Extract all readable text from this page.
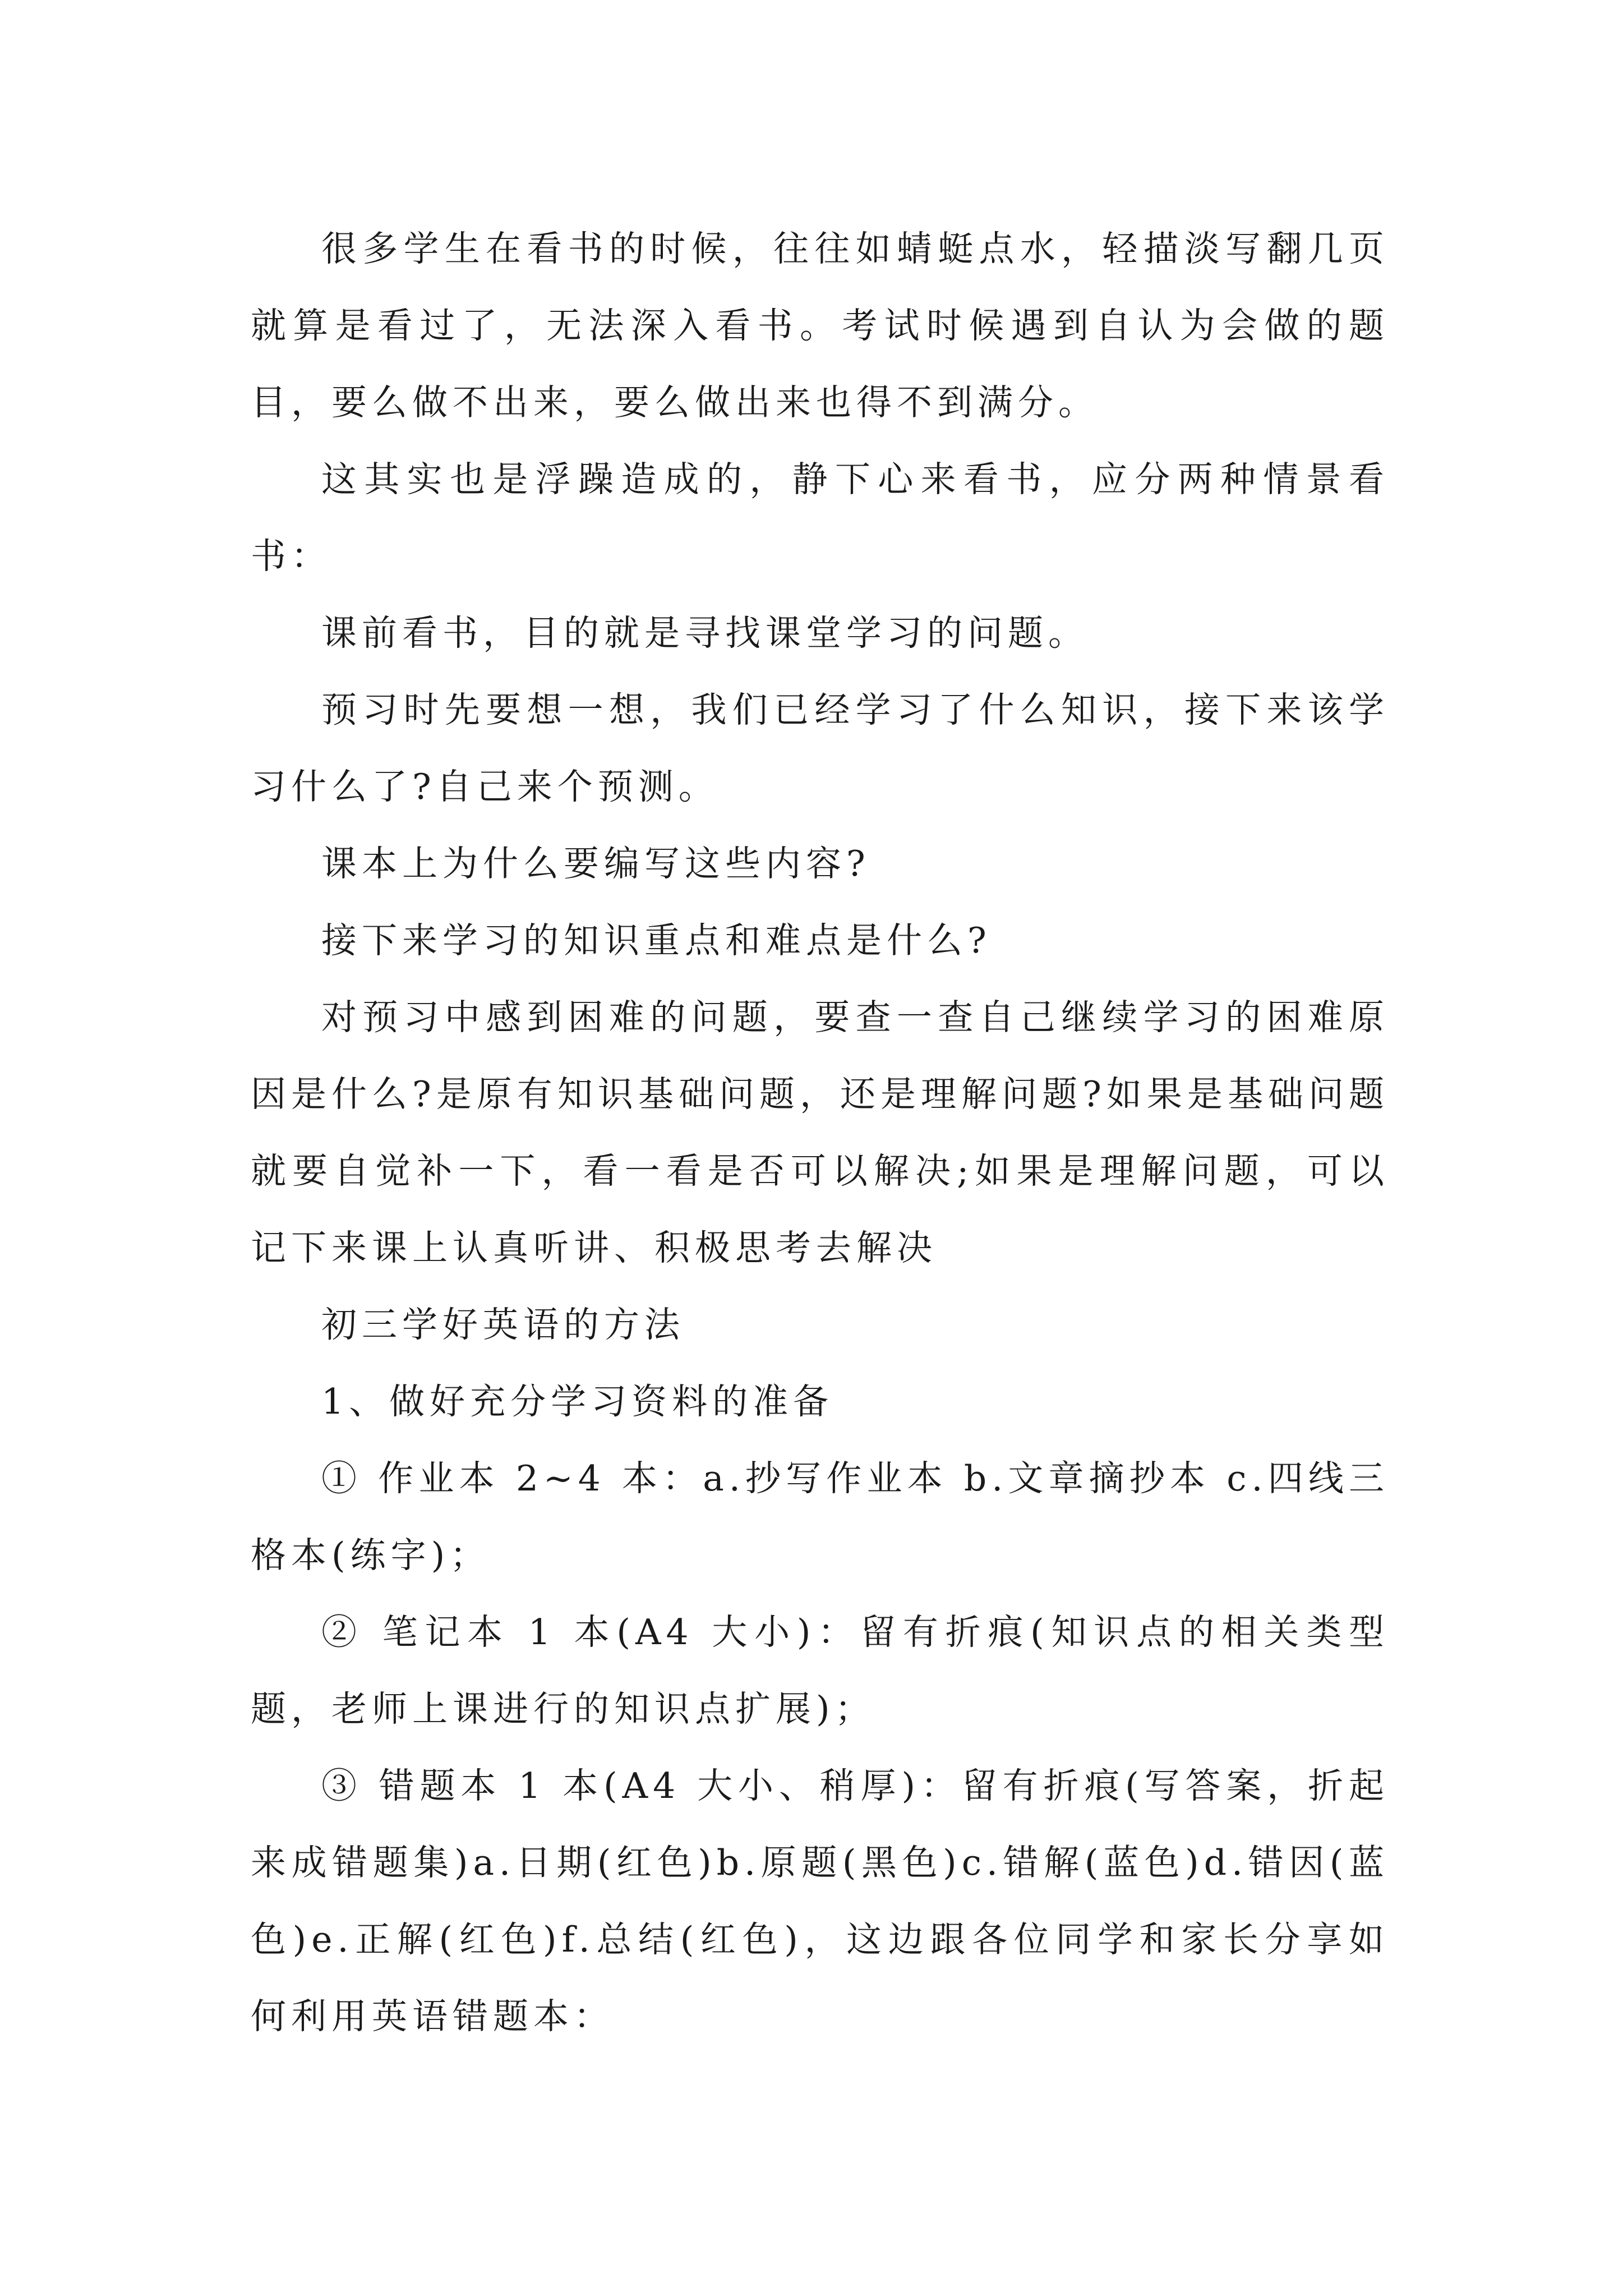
很多学生在看书的时候，往往如蜻蜓点水，轻描淡写翻几页就算是看过了，无法深入看书。考试时候遇到自认为会做的题目，要么做不出来，要么做出来也得不到满分。

这其实也是浮躁造成的，静下心来看书，应分两种情景看书：

课前看书，目的就是寻找课堂学习的问题。

预习时先要想一想，我们已经学习了什么知识，接下来该学习什么了?自己来个预测。

课本上为什么要编写这些内容?

接下来学习的知识重点和难点是什么?

对预习中感到困难的问题，要查一查自己继续学习的困难原因是什么?是原有知识基础问题，还是理解问题?如果是基础问题就要自觉补一下，看一看是否可以解决;如果是理解问题，可以记下来课上认真听讲、积极思考去解决

初三学好英语的方法

1、做好充分学习资料的准备

① 作业本 2~4 本：a.抄写作业本 b.文章摘抄本 c.四线三格本(练字)；

② 笔记本 1 本(A4 大小)：留有折痕(知识点的相关类型题，老师上课进行的知识点扩展)；

③ 错题本 1 本(A4 大小、稍厚)：留有折痕(写答案，折起来成错题集)a.日期(红色)b.原题(黑色)c.错解(蓝色)d.错因(蓝色)e.正解(红色)f.总结(红色)，这边跟各位同学和家长分享如何利用英语错题本：
